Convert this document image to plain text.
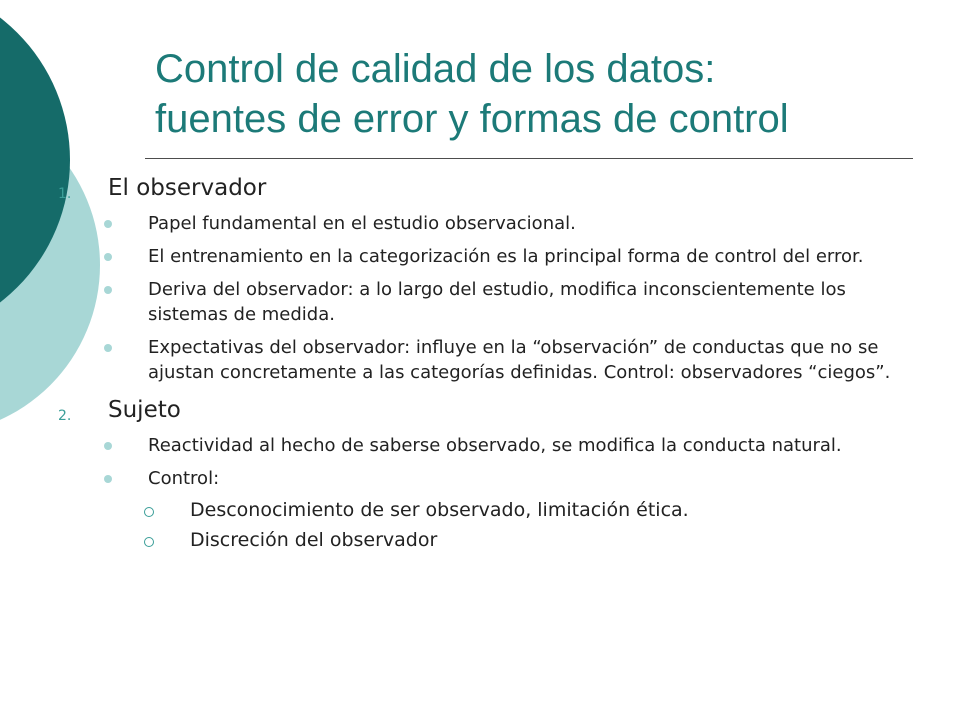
Control de calidad de los datos:
fuentes de error y formas de control
1. El observador
Papel fundamental en el estudio observacional.
El entrenamiento en la categorización es la principal forma de control del error.
Deriva del observador: a lo largo del estudio, modifica inconscientemente los sistemas de medida.
Expectativas del observador: influye en la “observación” de conductas que no se ajustan concretamente a las categorías definidas. Control: observadores “ciegos”.
2. Sujeto
Reactividad al hecho de saberse observado, se modifica la conducta natural.
Control:
Desconocimiento de ser observado, limitación ética.
Discreción del observador
